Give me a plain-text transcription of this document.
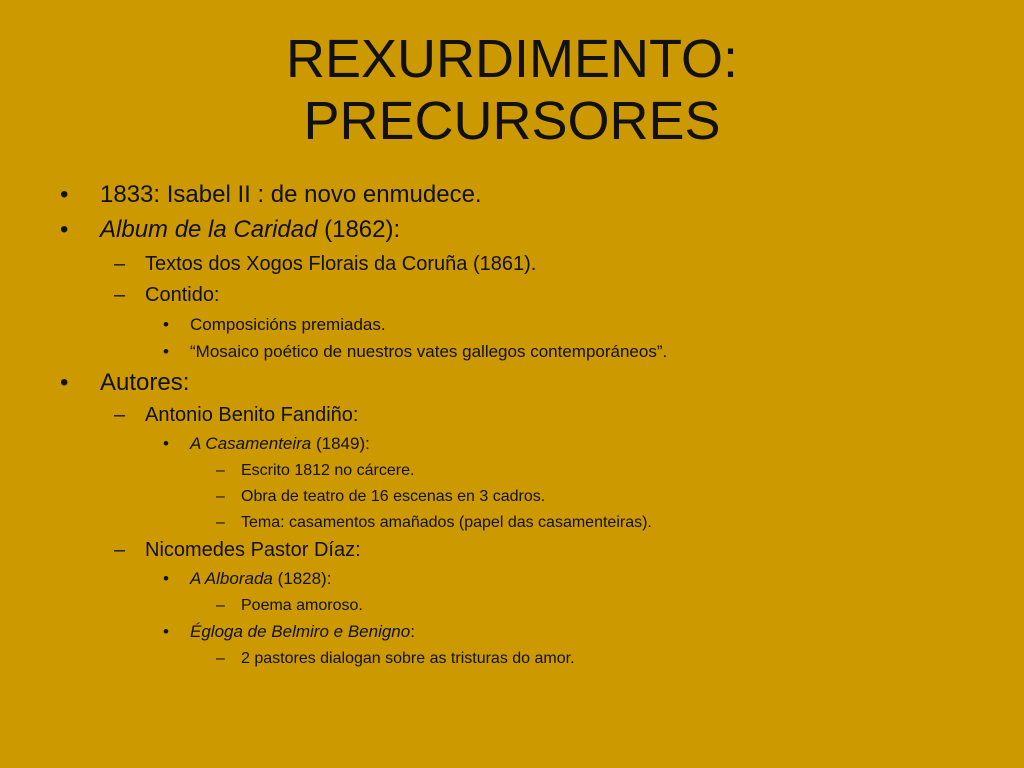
REXURDIMENTO:
PRECURSORES
• 1833: Isabel II : de novo enmudece.
• Album de la Caridad (1862):
– Textos dos Xogos Florais da Coruña (1861).
– Contido:
• Composicións premiadas.
• “Mosaico poético de nuestros vates gallegos contemporáneos”.
• Autores:
– Antonio Benito Fandiño:
• A Casamenteira (1849):
– Escrito 1812 no cárcere.
– Obra de teatro de 16 escenas en 3 cadros.
– Tema: casamentos amañados (papel das casamenteiras).
– Nicomedes Pastor Díaz:
• A Alborada (1828):
– Poema amoroso.
• Égloga de Belmiro e Benigno:
– 2 pastores dialogan sobre as tristuras do amor.
